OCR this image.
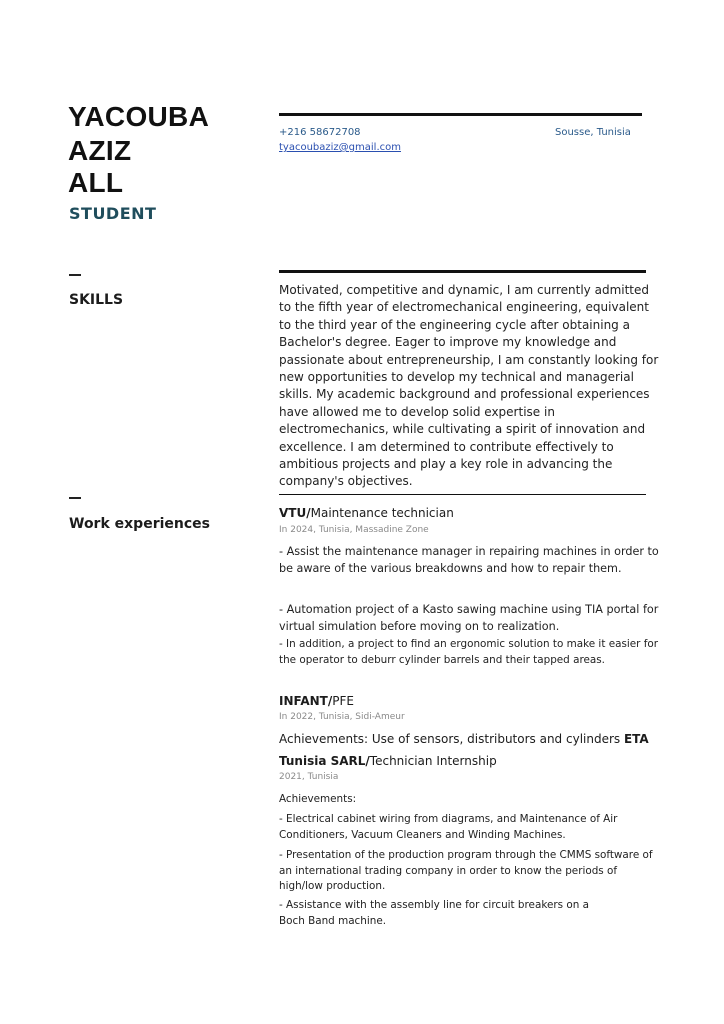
YACOUBA
AZIZ
ALL
STUDENT
SKILLS
Work experiences
+216 58672708	Sousse, Tunisia
tyacoubaziz@gmail.com

Motivated, competitive and dynamic, I am currently admitted to the fifth year of electromechanical engineering, equivalent to the third year of the engineering cycle after obtaining a Bachelor's degree. Eager to improve my knowledge and passionate about entrepreneurship, I am constantly looking for new opportunities to develop my technical and managerial skills. My academic background and professional experiences have allowed me to develop solid expertise in electromechanics, while cultivating a spirit of innovation and excellence. I am determined to contribute effectively to ambitious projects and play a key role in advancing the company's objectives.

VTU/Maintenance technician
In 2024, Tunisia, Massadine Zone

- Assist the maintenance manager in repairing machines in order to be aware of the various breakdowns and how to repair them.

- Automation project of a Kasto sawing machine using TIA portal for virtual simulation before moving on to realization.

- In addition, a project to find an ergonomic solution to make it easier for the operator to deburr cylinder barrels and their tapped areas.

INFANT/PFE
In 2022, Tunisia, Sidi-Ameur
Achievements: Use of sensors, distributors and cylinders ETA
Tunisia SARL/Technician Internship
2021, Tunisia
Achievements:

- Electrical cabinet wiring from diagrams, and Maintenance of Air Conditioners, Vacuum Cleaners and Winding Machines.

- Presentation of the production program through the CMMS software of an international trading company in order to know the periods of high/low production.

- Assistance with the assembly line for circuit breakers on a Boch Band machine.
